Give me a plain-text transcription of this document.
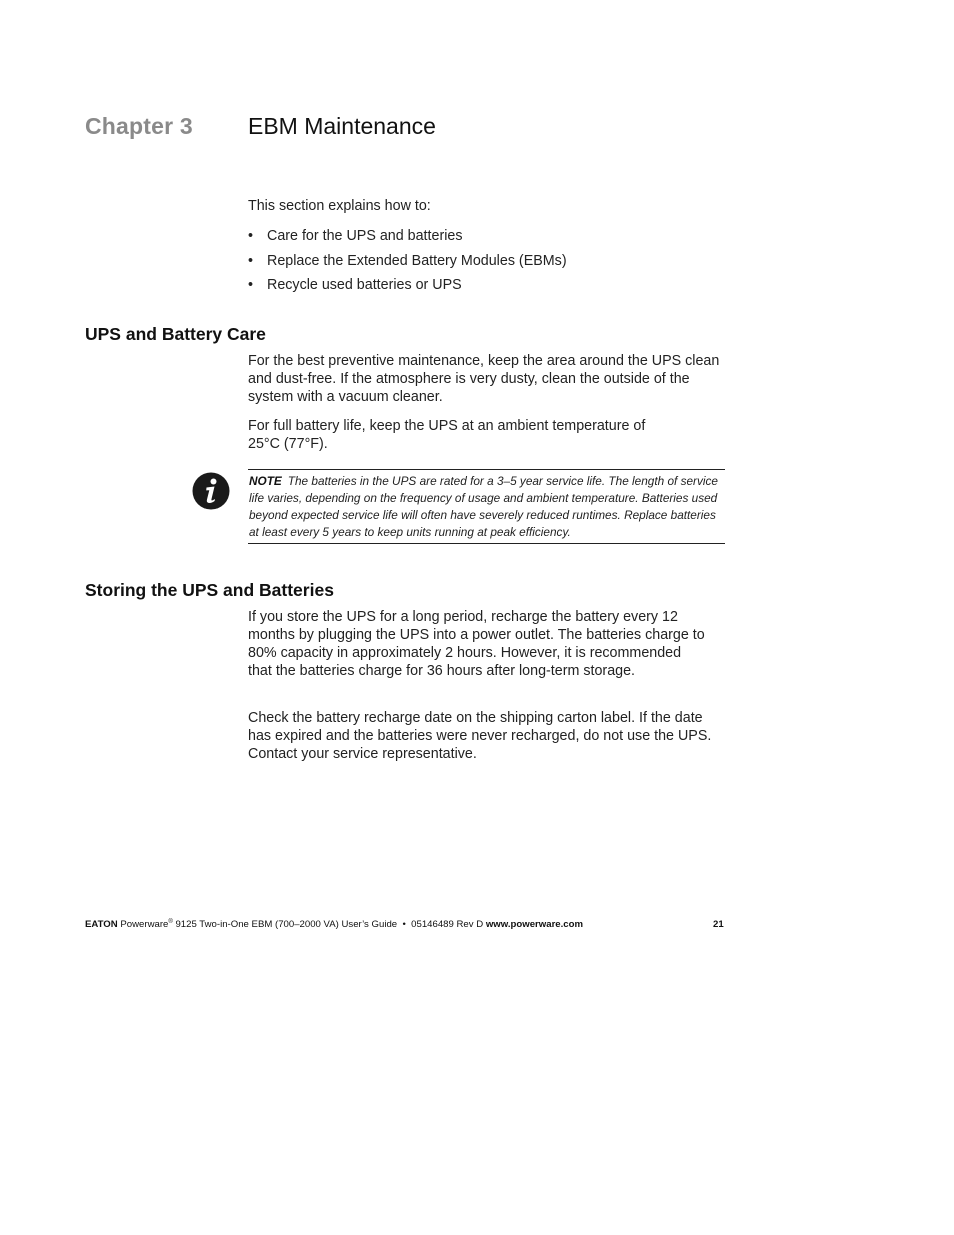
Chapter 3 EBM Maintenance
This section explains how to:
• Care for the UPS and batteries
• Replace the Extended Battery Modules (EBMs)
• Recycle used batteries or UPS
UPS and Battery Care

For the best preventive maintenance, keep the area around the UPS clean and dust-free. If the atmosphere is very dusty, clean the outside of the system with a vacuum cleaner.

For full battery life, keep the UPS at an ambient temperature of 25°C (77°F).

NOTE The batteries in the UPS are rated for a 3–5 year service life. The length of service life varies, depending on the frequency of usage and ambient temperature. Batteries used beyond expected service life will often have severely reduced runtimes. Replace batteries at least every 5 years to keep units running at peak efficiency.

Storing the UPS and Batteries

If you store the UPS for a long period, recharge the battery every 12 months by plugging the UPS into a power outlet. The batteries charge to 80% capacity in approximately 2 hours. However, it is recommended that the batteries charge for 36 hours after long-term storage.

Check the battery recharge date on the shipping carton label. If the date has expired and the batteries were never recharged, do not use the UPS. Contact your service representative.

EATON Powerware® 9125 Two-in-One EBM (700–2000 VA) User’s Guide  •  05146489 Rev D www.powerware.com	21
